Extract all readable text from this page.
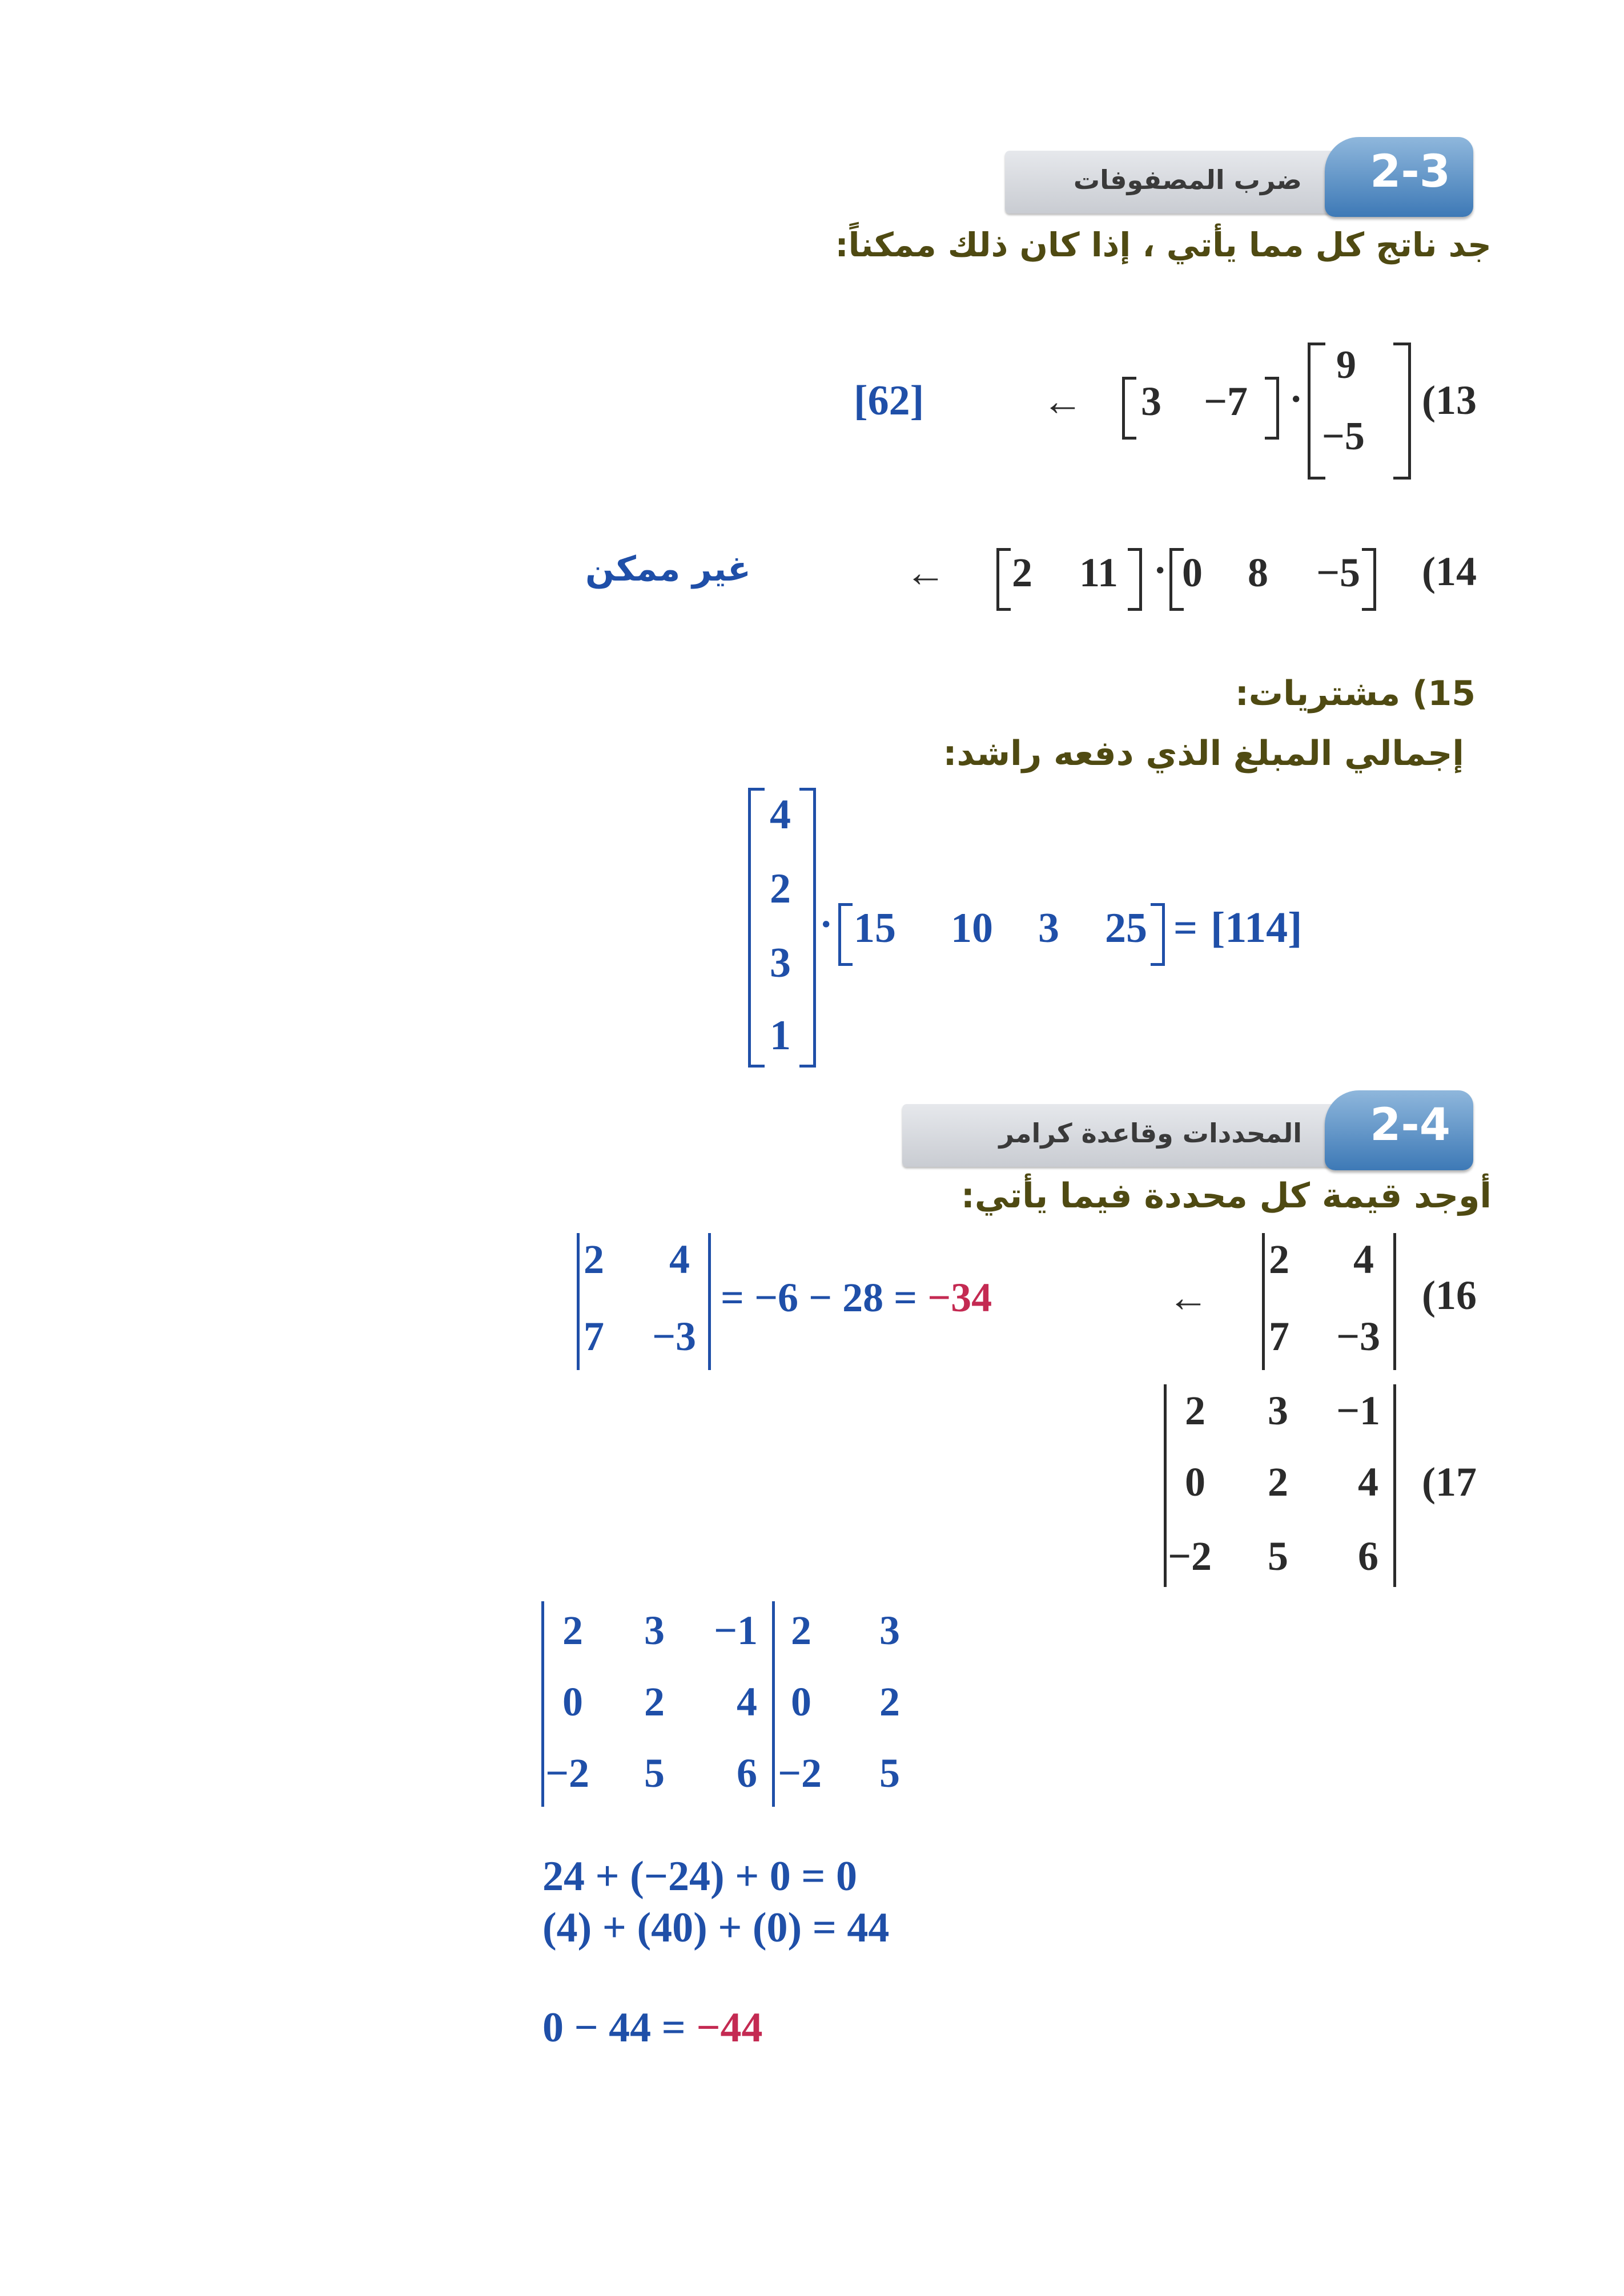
2-3
ضرب المصفوفات
جد ناتج كل مما يأتي ، إذا كان ذلك ممكناً:
(13
9
−5
·
3 −7
←
[62]
(14
0 8 −5
·
2 11
←
غير ممكن
15) مشتريات:
إجمالي المبلغ الذي دفعه راشد:
4
2
3
1
· 15 10 3 25 = [114]
2-4
المحددات وقاعدة كرامر
أوجد قيمة كل محددة فيما يأتي:
(16
2 4
7 −3
←
2 4
7 −3
= −6 − 28 = −34
(17
2 3 −1
0 2 4
−2 5 6
2 3 −1 2 3
0 2 4 0 2
−2 5 6 −2 5
24 + (−24) + 0 = 0
(4) + (40) + (0) = 44
0 − 44 = −44
